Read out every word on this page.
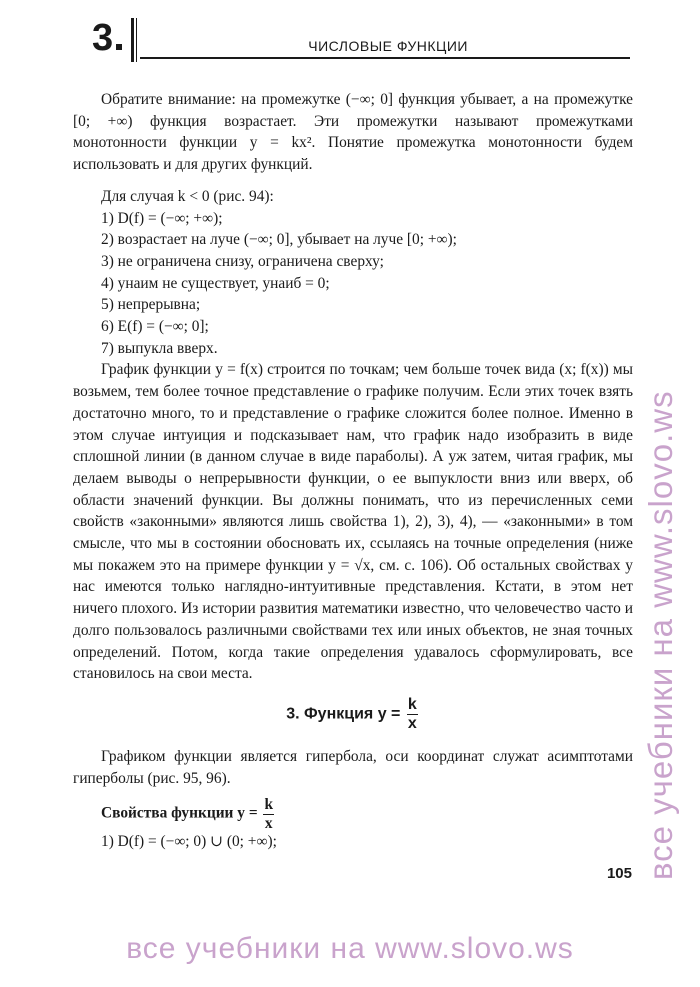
3	ЧИСЛОВЫЕ ФУНКЦИИ

Обратите внимание: на промежутке (−∞; 0] функция убывает, а на промежутке [0; +∞) функция возрастает. Эти промежутки называют промежутками монотонности функции y = kx². Понятие промежутка монотонности будем использовать и для других функций.

Для случая k < 0 (рис. 94):

1) D(f) = (−∞; +∞);

2) возрастает на луче (−∞; 0], убывает на луче [0; +∞);

3) не ограничена снизу, ограничена сверху;

4) yнаим не существует, yнаиб = 0;

5) непрерывна;

6) E(f) = (−∞; 0];

7) выпукла вверх.

График функции y = f(x) строится по точкам; чем больше точек вида (x; f(x)) мы возьмем, тем более точное представление о графике получим. Если этих точек взять достаточно много, то и представление о графике сложится более полное. Именно в этом случае интуиция и подсказывает нам, что график надо изобразить в виде сплошной линии (в данном случае в виде параболы). А уж затем, читая график, мы делаем выводы о непрерывности функции, о ее выпуклости вниз или вверх, об области значений функции. Вы должны понимать, что из перечисленных семи свойств «законными» являются лишь свойства 1), 2), 3), 4), — «законными» в том смысле, что мы в состоянии обосновать их, ссылаясь на точные определения (ниже мы покажем это на примере функции y = √x, см. с. 106). Об остальных свойствах у нас имеются только наглядно-интуитивные представления. Кстати, в этом нет ничего плохого. Из истории развития математики известно, что человечество часто и долго пользовалось различными свойствами тех или иных объектов, не зная точных определений. Потом, когда такие определения удавалось сформулировать, все становилось на свои места.

3. Функция $y = \frac{k}{x}$

Графиком функции является гипербола, оси координат служат асимптотами гиперболы (рис. 95, 96).

Свойства функции $y = \frac{k}{x}$

1) D(f) = (−∞; 0) ∪ (0; +∞);

105 все учебники на www.slovo.ws
все учебники на www.slovo.ws
